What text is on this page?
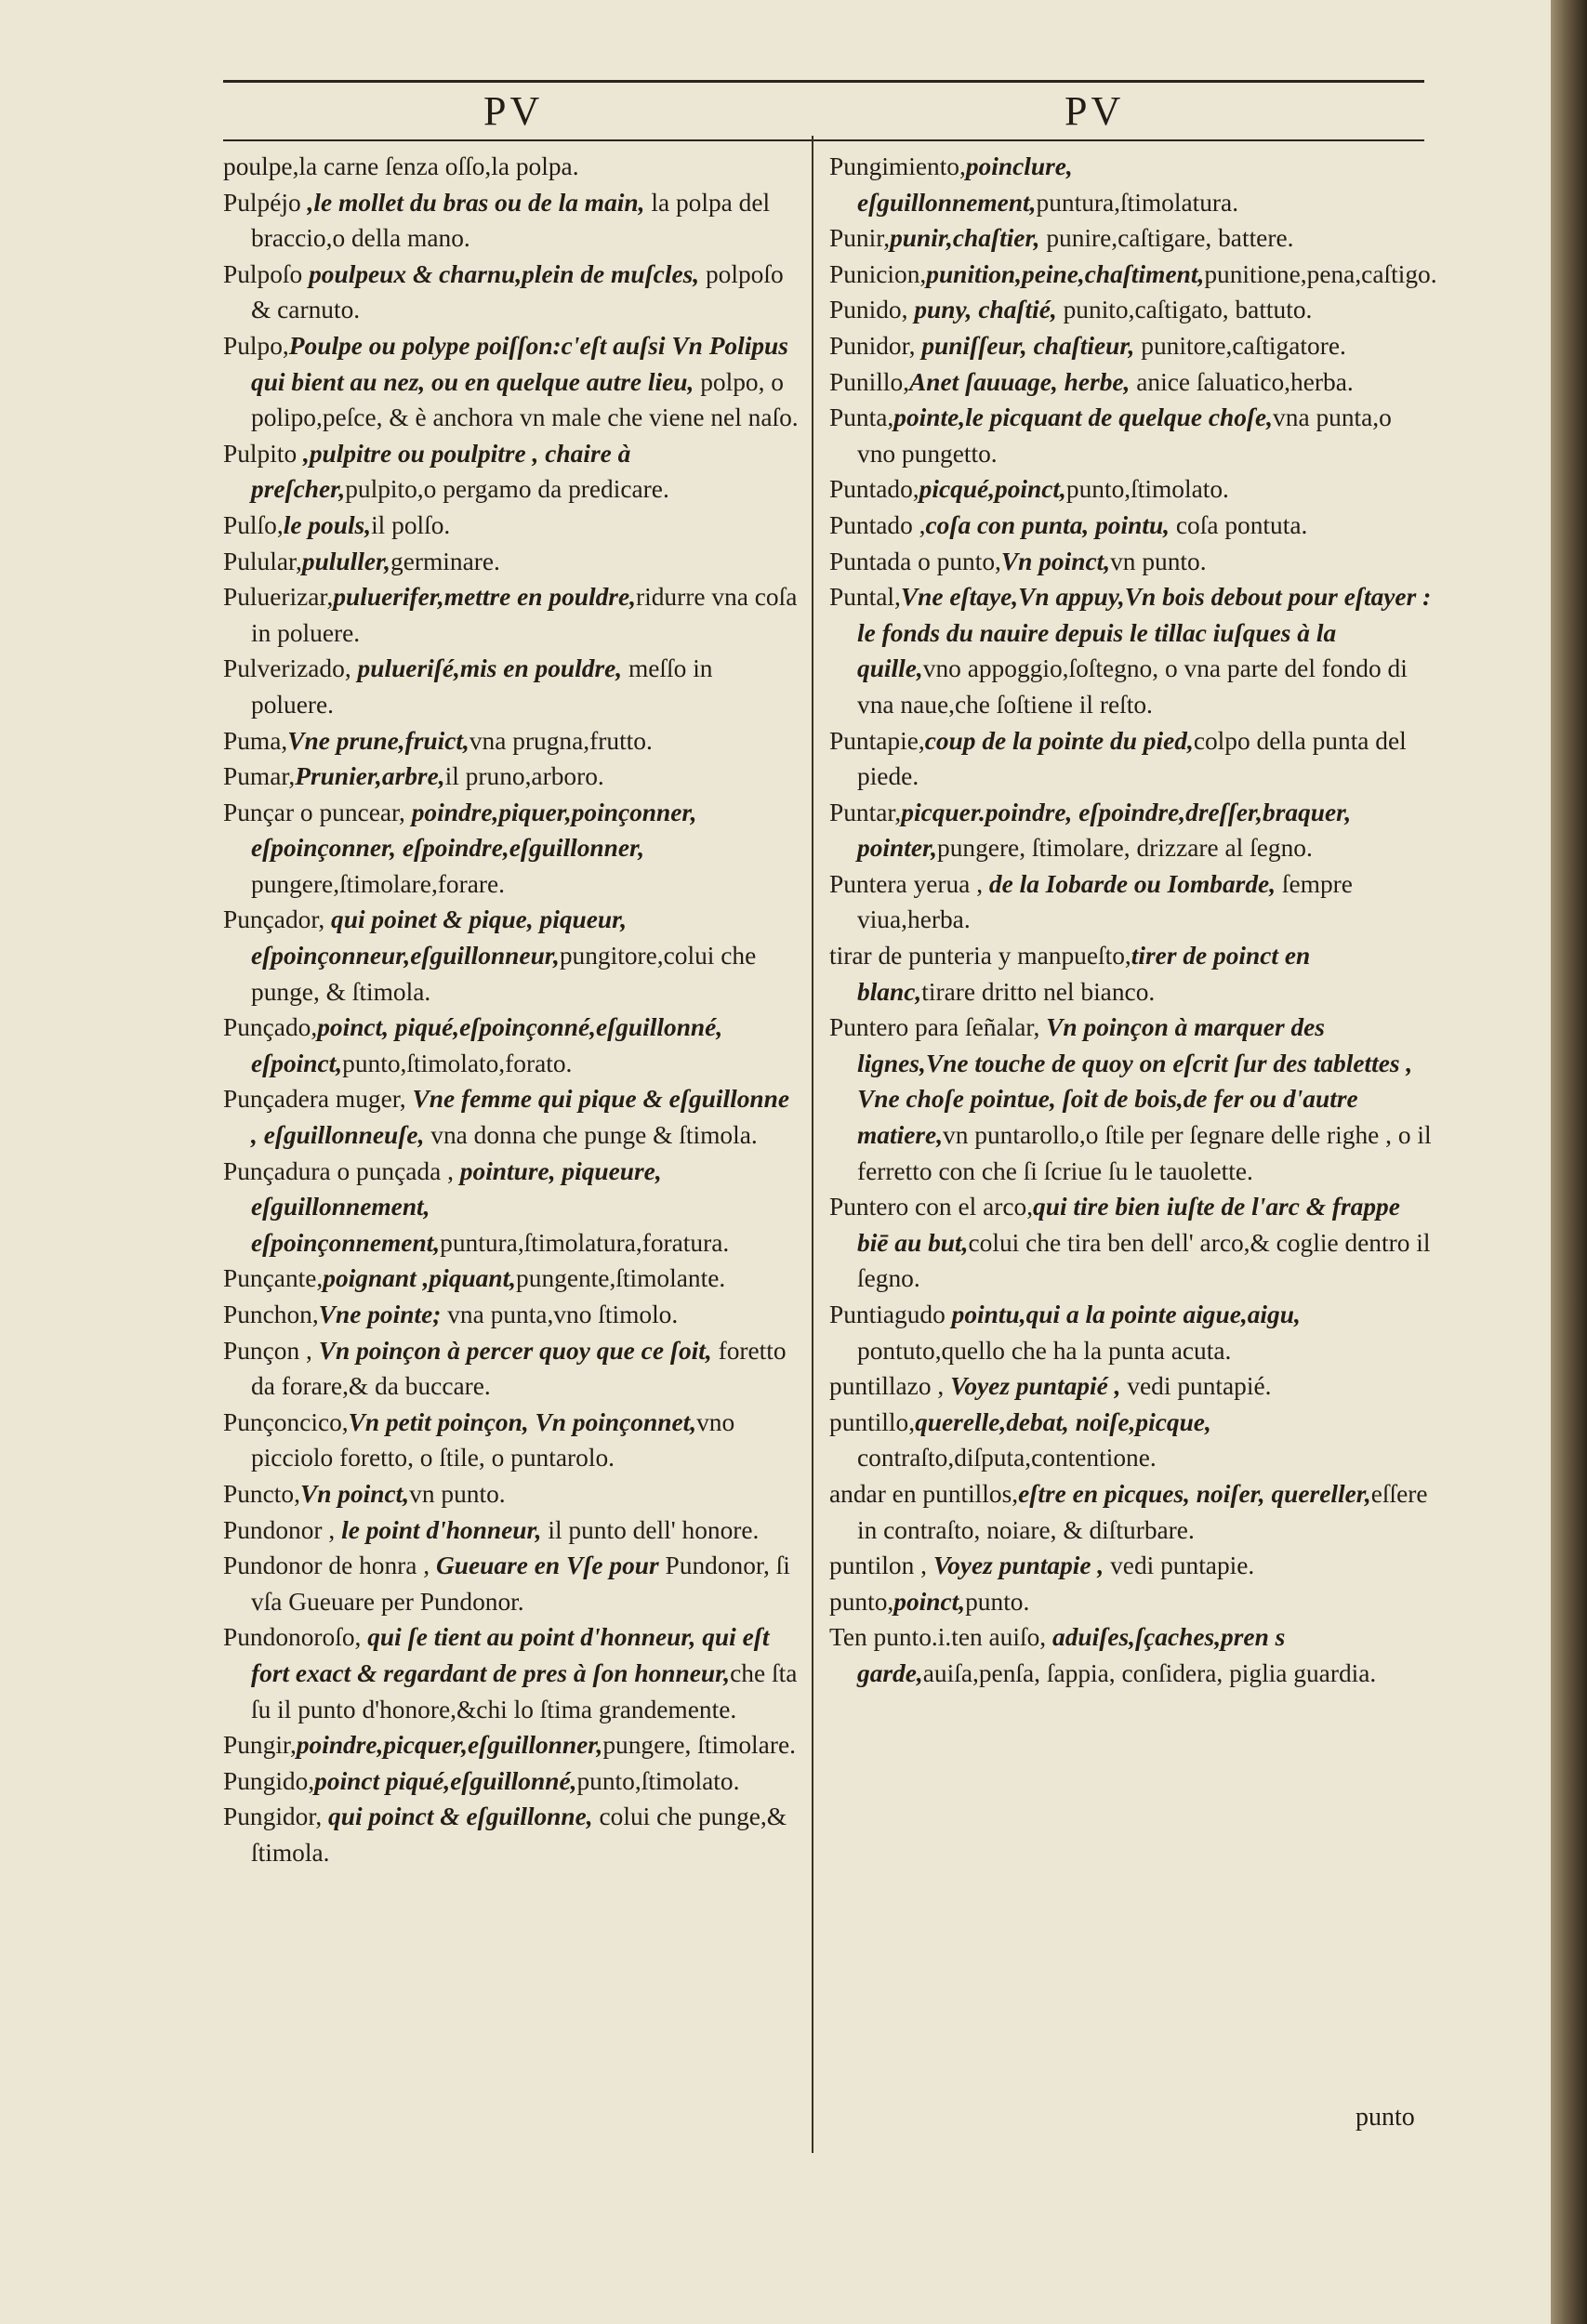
PV	PV

poulpe,la carne ſenza oſſo,la polpa.

Pulpéjo ,le mollet du bras ou de la main, la polpa del braccio,o della mano.

Pulpoſo poulpeux & charnu,plein de muſcles, polpoſo & carnuto.

Pulpo,Poulpe ou polype poiſſon:c'eſt auſsi Vn Polipus qui bient au nez, ou en quelque autre lieu, polpo, o polipo,peſce, & è anchora vn male che viene nel naſo.

Pulpito ,pulpitre ou poulpitre , chaire à preſcher,pulpito,o pergamo da predicare.

Pulſo,le pouls,il polſo.

Pulular,pululler,germinare.

Puluerizar,puluerifer,mettre en pouldre,ridurre vna coſa in poluere.

Pulverizado, pulueriſé,mis en pouldre, meſſo in poluere.

Puma,Vne prune,fruict,vna prugna,frutto.

Pumar,Prunier,arbre,il pruno,arboro.

Punçar o puncear, poindre,piquer,poinçonner, eſpoinçonner, eſpoindre,eſguillonner, pungere,ſtimolare,forare.

Punçador, qui poinet & pique, piqueur, eſpoinçonneur,eſguillonneur,pungitore,colui che punge, & ſtimola.

Punçado,poinct, piqué,eſpoinçonné,eſguillonné, eſpoinct,punto,ſtimolato,forato.

Punçadera muger, Vne femme qui pique & eſguillonne , eſguillonneuſe, vna donna che punge & ſtimola.

Punçadura o punçada , pointure, piqueure, eſguillonnement, eſpoinçonnement,puntura,ſtimolatura,foratura.

Punçante,poignant ,piquant,pungente,ſtimolante.

Punchon,Vne pointe; vna punta,vno ſtimolo.

Punçon , Vn poinçon à percer quoy que ce ſoit, foretto da forare,& da buccare.

Punçoncico,Vn petit poinçon, Vn poinçonnet,vno picciolo foretto, o ſtile, o puntarolo.

Puncto,Vn poinct,vn punto.

Pundonor , le point d'honneur, il punto dell' honore.

Pundonor de honra , Gueuare en Vſe pour Pundonor, ſi vſa Gueuare per Pundonor.

Pundonoroſo, qui ſe tient au point d'honneur, qui eſt fort exact & regardant de pres à ſon honneur,che ſta ſu il punto d'honore,&chi lo ſtima grandemente.

Pungir,poindre,picquer,eſguillonner,pungere, ſtimolare.

Pungido,poinct piqué,eſguillonné,punto,ſtimolato.

Pungidor, qui poinct & eſguillonne, colui che punge,& ſtimola.

Pungimiento,poinclure, eſguillonnement,puntura,ſtimolatura.

Punir,punir,chaſtier, punire,caſtigare, battere.

Punicion,punition,peine,chaſtiment,punitione,pena,caſtigo.

Punido, puny, chaſtié, punito,caſtigato, battuto.

Punidor, puniſſeur, chaſtieur, punitore,caſtigatore.

Punillo,Anet ſauuage, herbe, anice ſaluatico,herba.

Punta,pointe,le picquant de quelque choſe,vna punta,o vno pungetto.

Puntado,picqué,poinct,punto,ſtimolato.

Puntado ,coſa con punta, pointu, coſa pontuta.

Puntada o punto,Vn poinct,vn punto.

Puntal,Vne eſtaye,Vn appuy,Vn bois debout pour eſtayer : le fonds du nauire depuis le tillac iuſques à la quille,vno appoggio,ſoſtegno, o vna parte del fondo di vna naue,che ſoſtiene il reſto.

Puntapie,coup de la pointe du pied,colpo della punta del piede.

Puntar,picquer.poindre, eſpoindre,dreſſer,braquer, pointer,pungere, ſtimolare, drizzare al ſegno.

Puntera yerua , de la Iobarde ou Iombarde, ſempre viua,herba.

tirar de punteria y manpueſto,tirer de poinct en blanc,tirare dritto nel bianco.

Puntero para ſeñalar, Vn poinçon à marquer des lignes,Vne touche de quoy on eſcrit ſur des tablettes , Vne choſe pointue, ſoit de bois,de fer ou d'autre matiere,vn puntarollo,o ſtile per ſegnare delle righe , o il ferretto con che ſi ſcriue ſu le tauolette.

Puntero con el arco,qui tire bien iuſte de l'arc & frappe biē au but,colui che tira ben dell' arco,& coglie dentro il ſegno.

Puntiagudo pointu,qui a la pointe aigue,aigu, pontuto,quello che ha la punta acuta.

puntillazo , Voyez puntapié , vedi puntapié.

puntillo,querelle,debat, noiſe,picque, contraſto,diſputa,contentione.

andar en puntillos,eſtre en picques, noiſer, quereller,eſſere in contraſto, noiare, & diſturbare.

puntilon , Voyez puntapie , vedi puntapie.

punto,poinct,punto.

Ten punto.i.ten auiſo, aduiſes,ſçaches,pren s garde,auiſa,penſa, ſappia, conſidera, piglia guardia.

punto
